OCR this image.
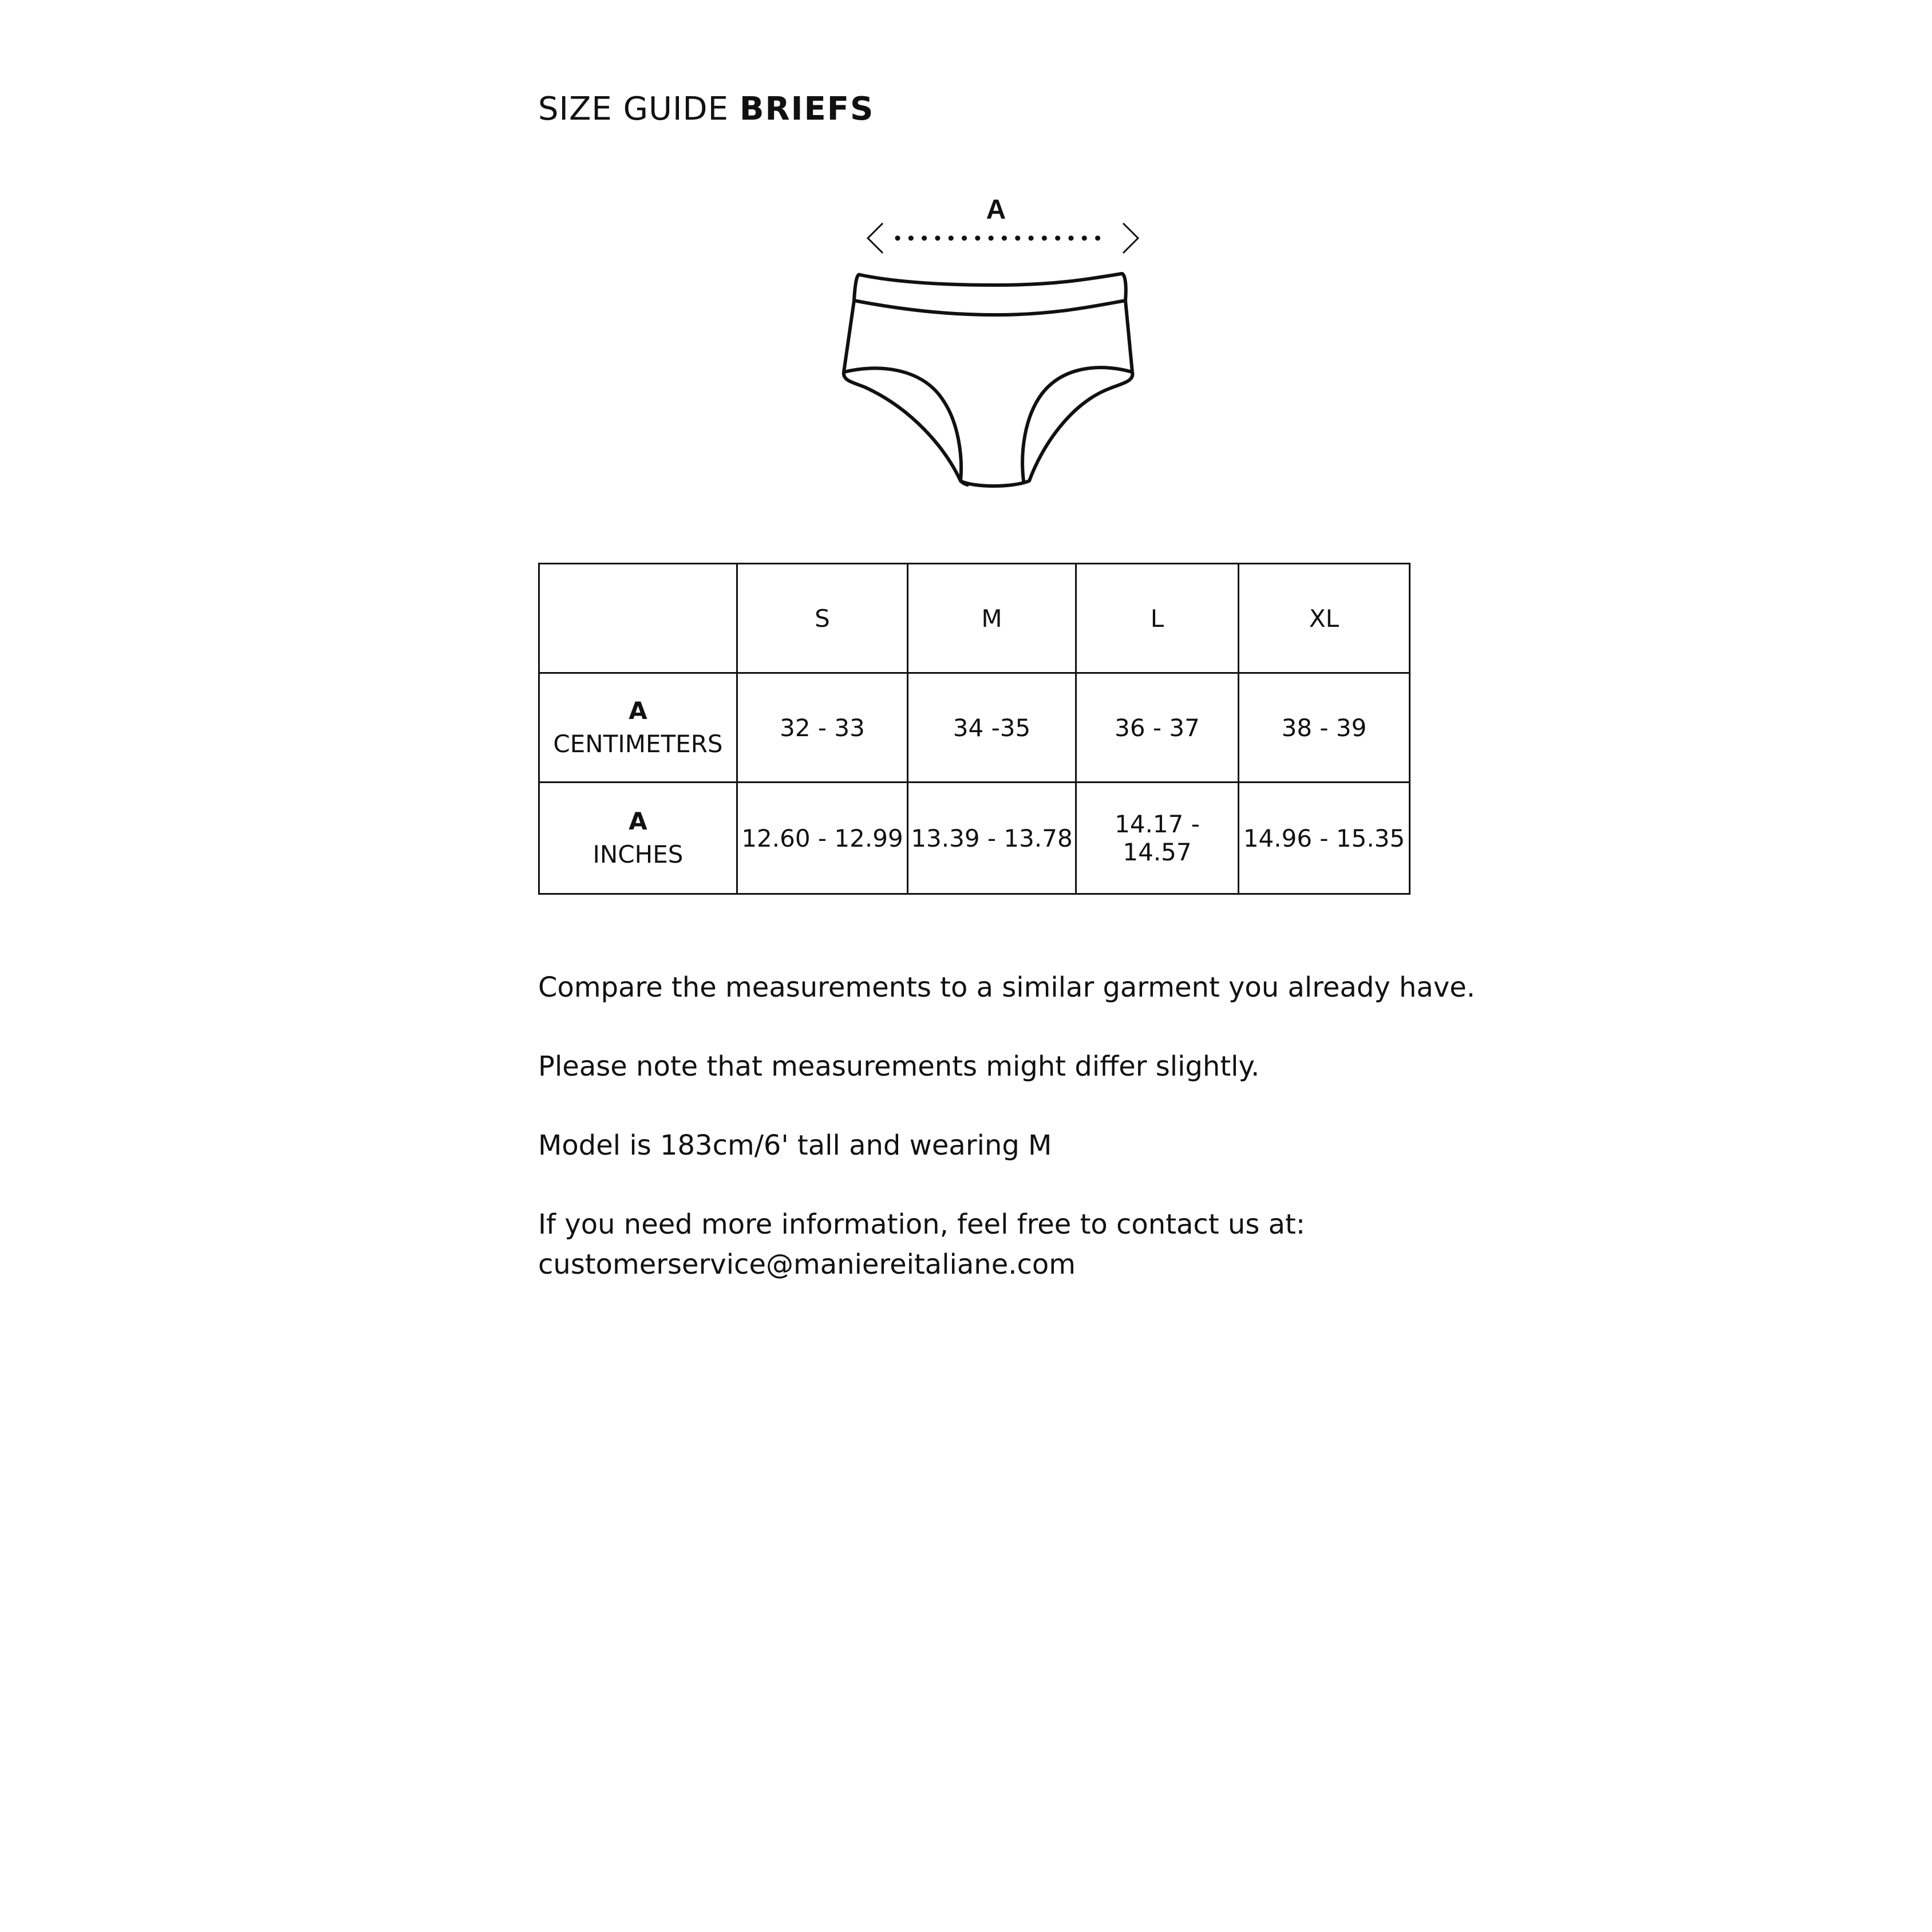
SIZE GUIDE BRIEFS
A
	S	M	L	XL

A
CENTIMETERS	32 - 33	34 -35	36 - 37	38 - 39

A
INCHES	12.60 - 12.99	13.39 - 13.78	14.17 - 14.57	14.96 - 15.35

Compare the measurements to a similar garment you already have.

Please note that measurements might differ slightly.

Model is 183cm/6' tall and wearing M

If you need more information, feel free to contact us at:
customerservice@maniereitaliane.com
